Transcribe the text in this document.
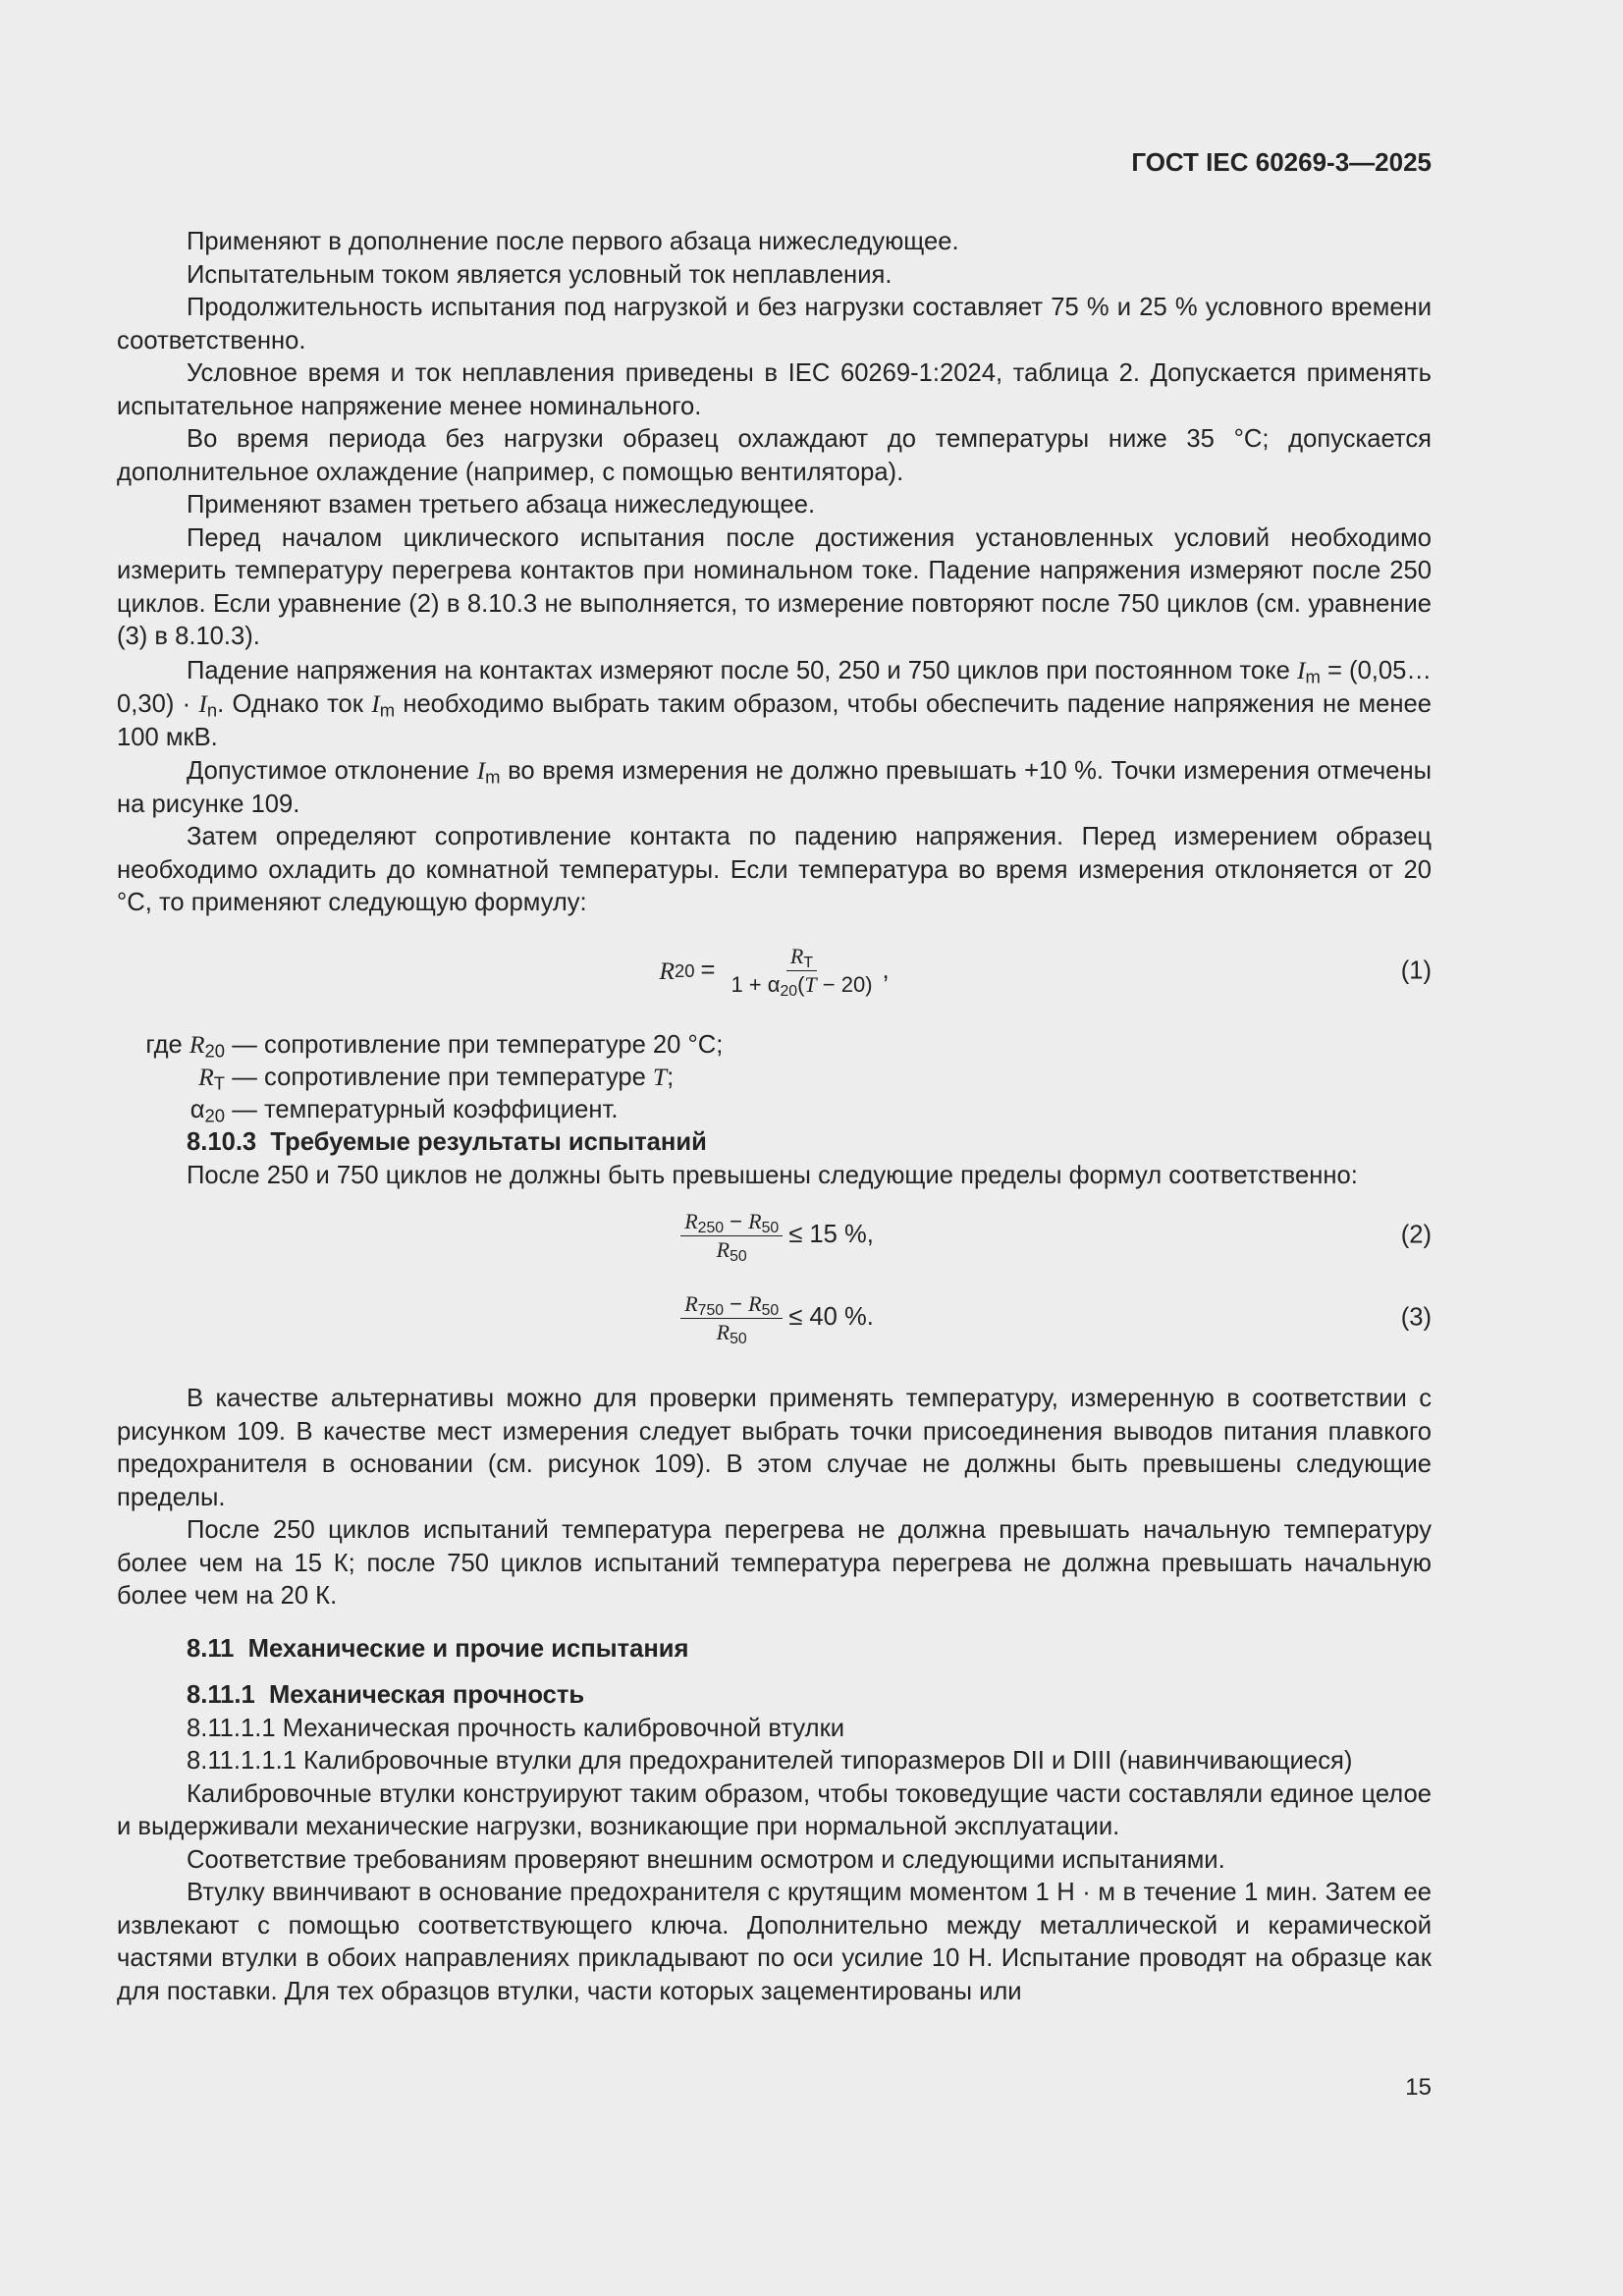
ГОСТ IEC 60269-3—2025

Применяют в дополнение после первого абзаца нижеследующее.

Испытательным током является условный ток неплавления.

Продолжительность испытания под нагрузкой и без нагрузки составляет 75 % и 25 % условного времени соответственно.

Условное время и ток неплавления приведены в IEC 60269-1:2024, таблица 2. Допускается применять испытательное напряжение менее номинального.

Во время периода без нагрузки образец охлаждают до температуры ниже 35 °С; допускается дополнительное охлаждение (например, с помощью вентилятора).

Применяют взамен третьего абзаца нижеследующее.

Перед началом циклического испытания после достижения установленных условий необходимо измерить температуру перегрева контактов при номинальном токе. Падение напряжения измеряют после 250 циклов. Если уравнение (2) в 8.10.3 не выполняется, то измерение повторяют после 750 циклов (см. уравнение (3) в 8.10.3).

Падение напряжения на контактах измеряют после 50, 250 и 750 циклов при постоянном токе $I_m$ = (0,05…0,30) · $I_n$. Однако ток $I_m$ необходимо выбрать таким образом, чтобы обеспечить падение напряжения не менее 100 мкВ.

Допустимое отклонение $I_m$ во время измерения не должно превышать +10 %. Точки измерения отмечены на рисунке 109.

Затем определяют сопротивление контакта по падению напряжения. Перед измерением образец необходимо охладить до комнатной температуры. Если температура во время измерения отклоняется от 20 °С, то применяют следующую формулу:

R $20 = \frac{R_T}{1 + \alpha_{20}(T - 20)}$ ,	(1)
где $R_{20}$ — сопротивление при температуре 20 °С;
$R_T$ — сопротивление при температуре T;
$\alpha_{20}$ — температурный коэффициент.

8.10.3 Требуемые результаты испытаний

После 250 и 750 циклов не должны быть превышены следующие пределы формул соответственно:

$\frac{R_{250} - R_{50}}{R_{50}} \le 15$ %,	(2)
$\frac{R_{750} - R_{50}}{R_{50}} \le 40$ %.	(3)

В качестве альтернативы можно для проверки применять температуру, измеренную в соответствии с рисунком 109. В качестве мест измерения следует выбрать точки присоединения выводов питания плавкого предохранителя в основании (см. рисунок 109). В этом случае не должны быть превышены следующие пределы.

После 250 циклов испытаний температура перегрева не должна превышать начальную температуру более чем на 15 К; после 750 циклов испытаний температура перегрева не должна превышать начальную более чем на 20 К.

8.11 Механические и прочие испытания

8.11.1 Механическая прочность

8.11.1.1 Механическая прочность калибровочной втулки

8.11.1.1.1 Калибровочные втулки для предохранителей типоразмеров DII и DIII (навинчивающиеся)

Калибровочные втулки конструируют таким образом, чтобы токоведущие части составляли единое целое и выдерживали механические нагрузки, возникающие при нормальной эксплуатации.

Соответствие требованиям проверяют внешним осмотром и следующими испытаниями.

Втулку ввинчивают в основание предохранителя с крутящим моментом 1 Н · м в течение 1 мин. Затем ее извлекают с помощью соответствующего ключа. Дополнительно между металлической и керамической частями втулки в обоих направлениях прикладывают по оси усилие 10 Н. Испытание проводят на образце как для поставки. Для тех образцов втулки, части которых зацементированы или

15
